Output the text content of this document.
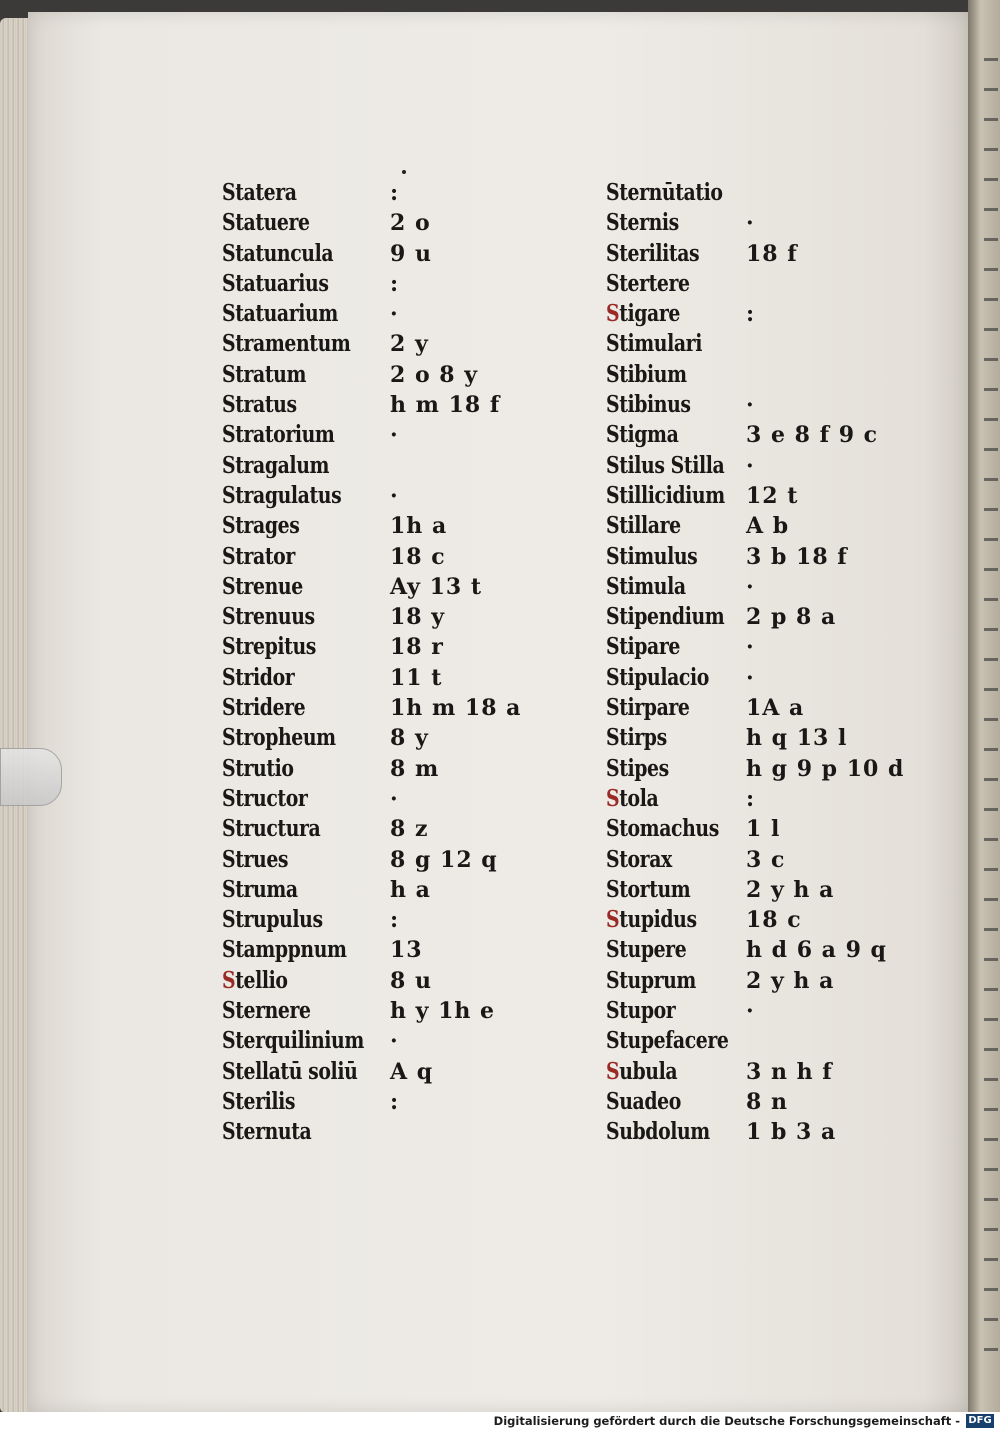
Statera	:
Statuere	2 o
Statuncula	9 u
Statuarius	:
Statuarium ·
Stramentum 2 y
Stratum	2 o 8 y
Stratus	h m 18 f
Stratorium	·
Stragalum
Stragulatus ·
Strages	1h a
Strator	18 c
Strenue	Ay 13 t
Strenuus	18 y
Strepitus	18 r
Stridor	11 t
Stridere	1h m 18 a
Stropheum 8 y
Strutio	8 m
Structor	·
Structura	8 z
Strues	8 g 12 q
Struma	h a
Strupulus	:
Stamppnum 13
Stellio	8 u
Sternere	h y 1h e
Sterquilinium ·
Stellatū soliū A q
Sterilis	:
Sternuta
Sternūtatio
Sternis	·
Sterilitas 18 f
Stertere
Stigare	:
Stimulari
Stibium
Stibinus	·
Stigma	3 e 8 f 9 c
Stilus Stilla ·
Stillicidium 12 t
Stillare	A b
Stimulus 3 b 18 f
Stimula	·
Stipendium 2 p 8 a
Stipare	·
Stipulacio ·
Stirpare	1A a
Stirps	h q 13 l
Stipes	h g 9 p 10 d
Stola	:
Stomachus 1 l
Storax	3 c
Stortum	2 y h a
Stupidus 18 c
Stupere	h d 6 a 9 q
Stuprum 2 y h a
Stupor	·
Stupefacere
Subula	3 n h f
Suadeo	8 n
Subdolum 1 b 3 a
Digitalisierung gefördert durch die Deutsche Forschungsgemeinschaft - DFG
